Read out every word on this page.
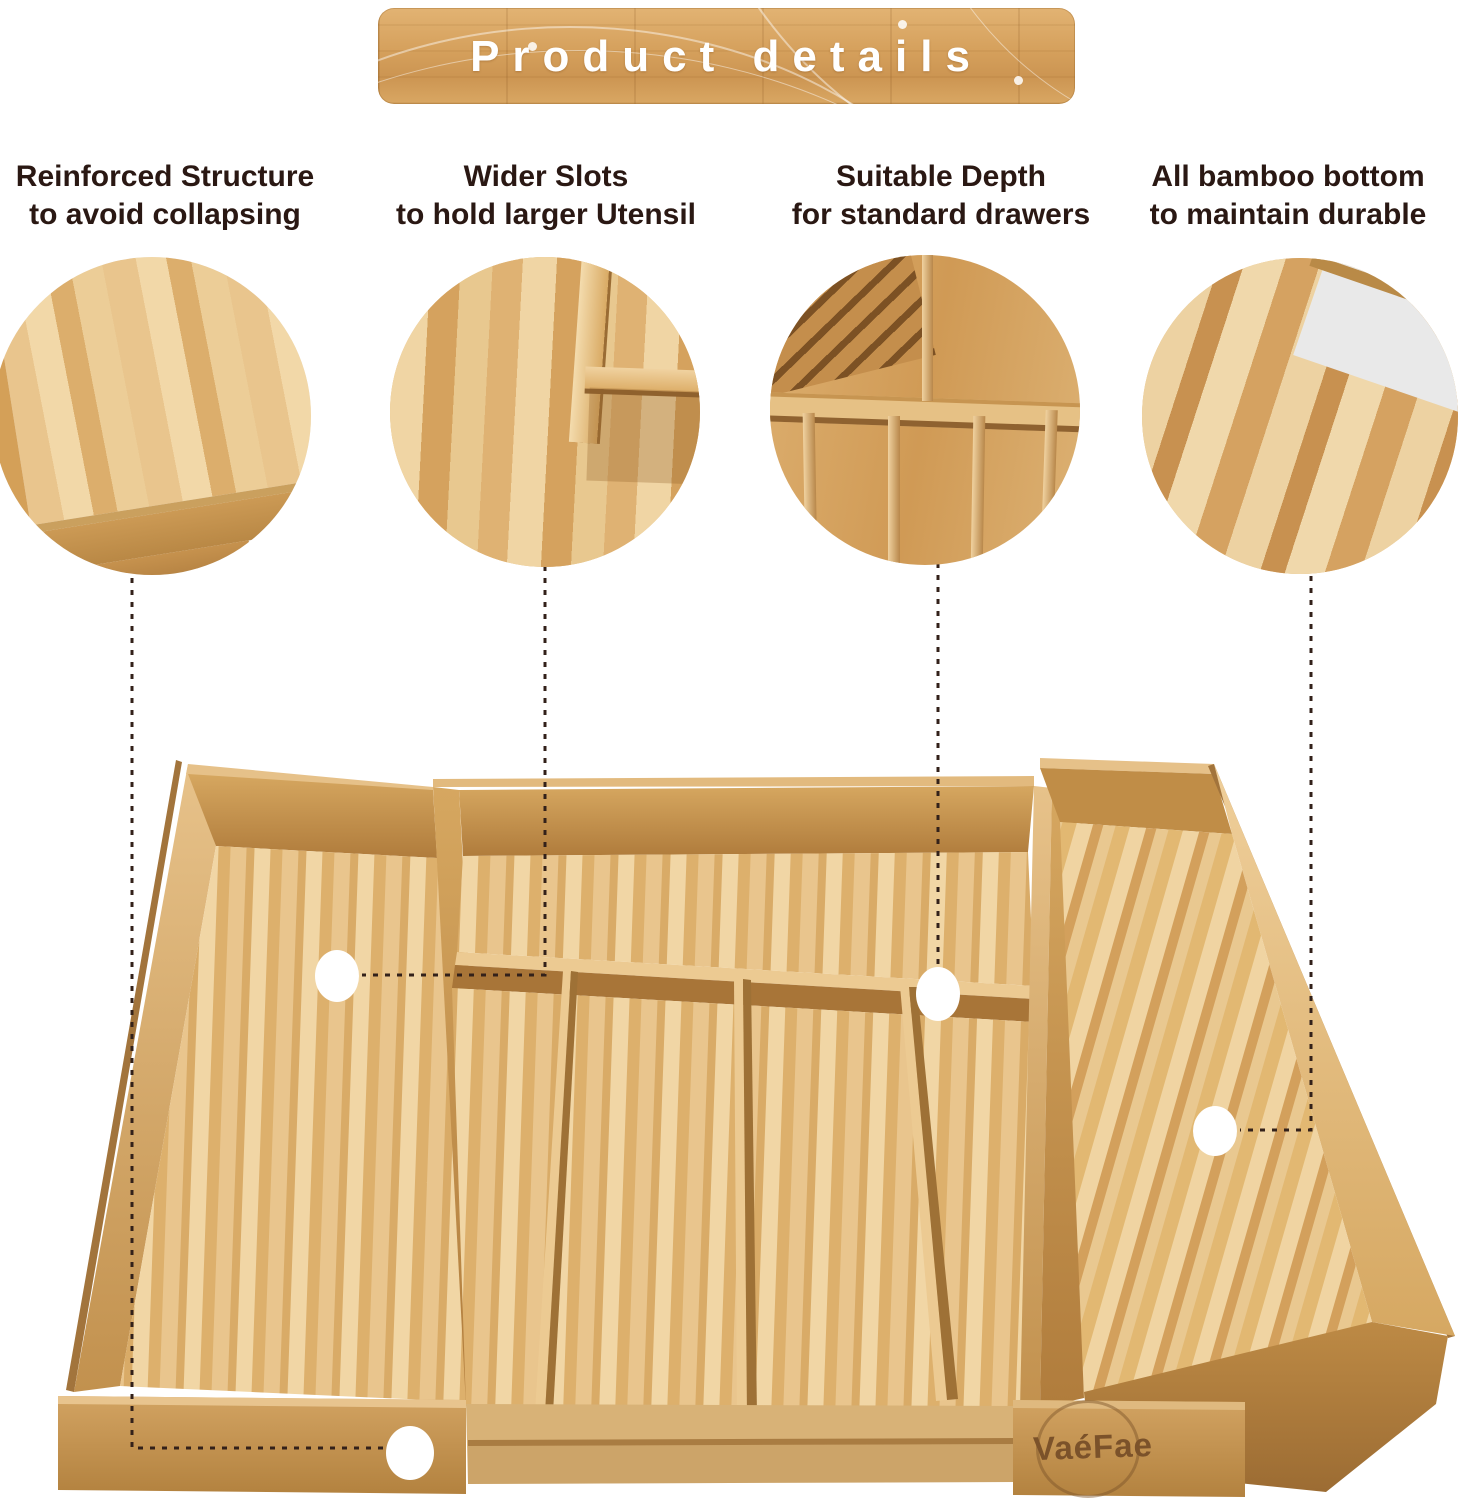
VaéFae
Product details
Reinforced Structure
to avoid collapsing
Wider Slots
to hold larger Utensil
Suitable Depth
for standard drawers
All bamboo bottom
to maintain durable
